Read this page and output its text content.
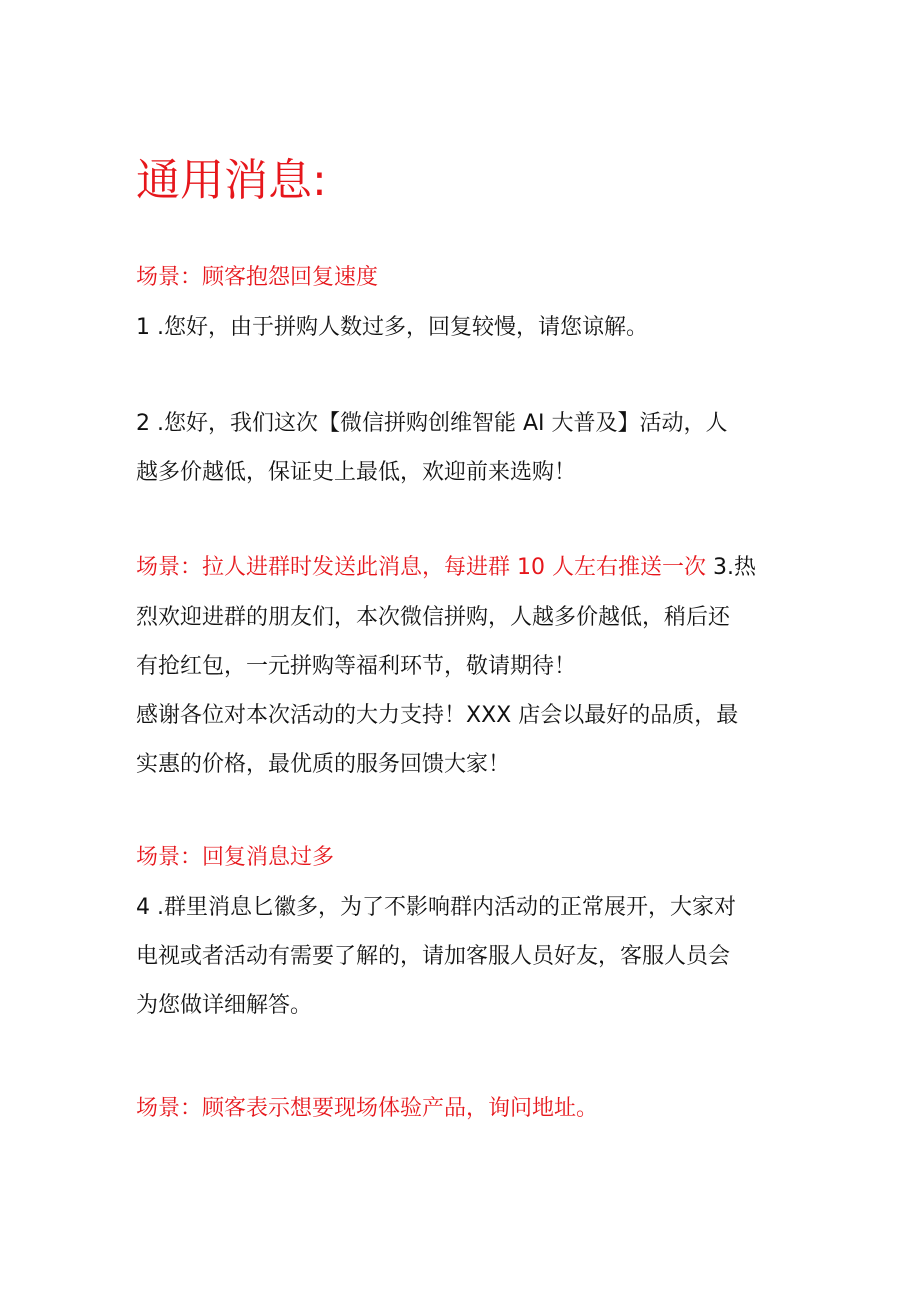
通用消息:
场景：顾客抱怨回复速度
1 .您好，由于拼购人数过多，回复较慢，请您谅解。
2 .您好，我们这次【微信拼购创维智能 AI 大普及】活动，人
越多价越低，保证史上最低，欢迎前来选购！
场景：拉人进群时发送此消息，每进群 10 人左右推送一次 3.热
烈欢迎进群的朋友们，本次微信拼购，人越多价越低，稍后还
有抢红包，一元拼购等福利环节，敬请期待！
感谢各位对本次活动的大力支持！XXX 店会以最好的品质，最
实惠的价格，最优质的服务回馈大家！
场景：回复消息过多
4 .群里消息匕徽多，为了不影响群内活动的正常展开，大家对
电视或者活动有需要了解的，请加客服人员好友，客服人员会
为您做详细解答。
场景：顾客表示想要现场体验产品，询问地址。
